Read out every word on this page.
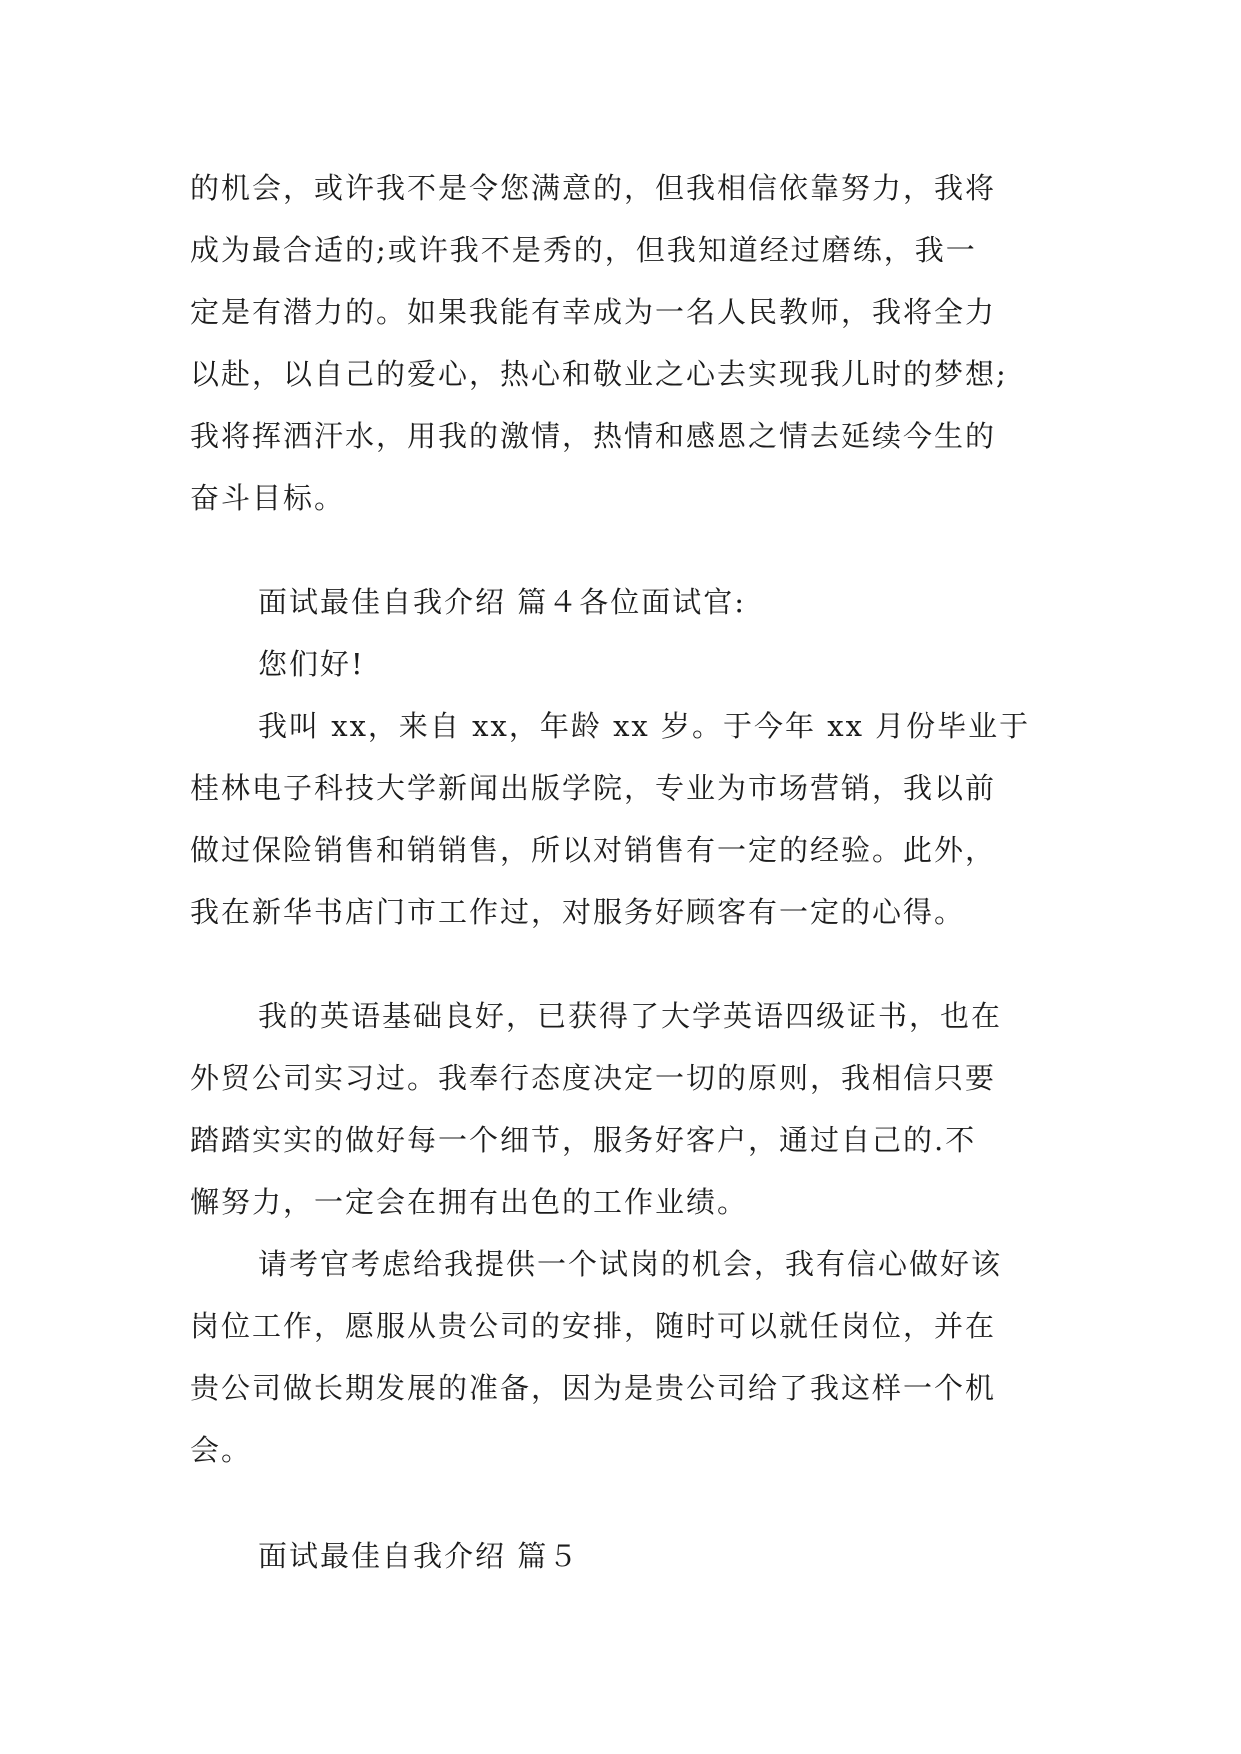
的机会，或许我不是令您满意的，但我相信依靠努力，我将
成为最合适的;或许我不是秀的，但我知道经过磨练，我一
定是有潜力的。如果我能有幸成为一名人民教师，我将全力
以赴，以自己的爱心，热心和敬业之心去实现我儿时的梦想;
我将挥洒汗水，用我的激情，热情和感恩之情去延续今生的
奋斗目标。
面试最佳自我介绍 篇４各位面试官:
您们好!
我叫 xx，来自 xx，年龄 xx 岁。于今年 xx 月份毕业于
桂林电子科技大学新闻出版学院，专业为市场营销，我以前
做过保险销售和销销售，所以对销售有一定的经验。此外，
我在新华书店门市工作过，对服务好顾客有一定的心得。
我的英语基础良好，已获得了大学英语四级证书，也在
外贸公司实习过。我奉行态度决定一切的原则，我相信只要
踏踏实实的做好每一个细节，服务好客户，通过自己的.不
懈努力，一定会在拥有出色的工作业绩。
请考官考虑给我提供一个试岗的机会，我有信心做好该
岗位工作，愿服从贵公司的安排，随时可以就任岗位，并在
贵公司做长期发展的准备，因为是贵公司给了我这样一个机
会。
面试最佳自我介绍 篇５
